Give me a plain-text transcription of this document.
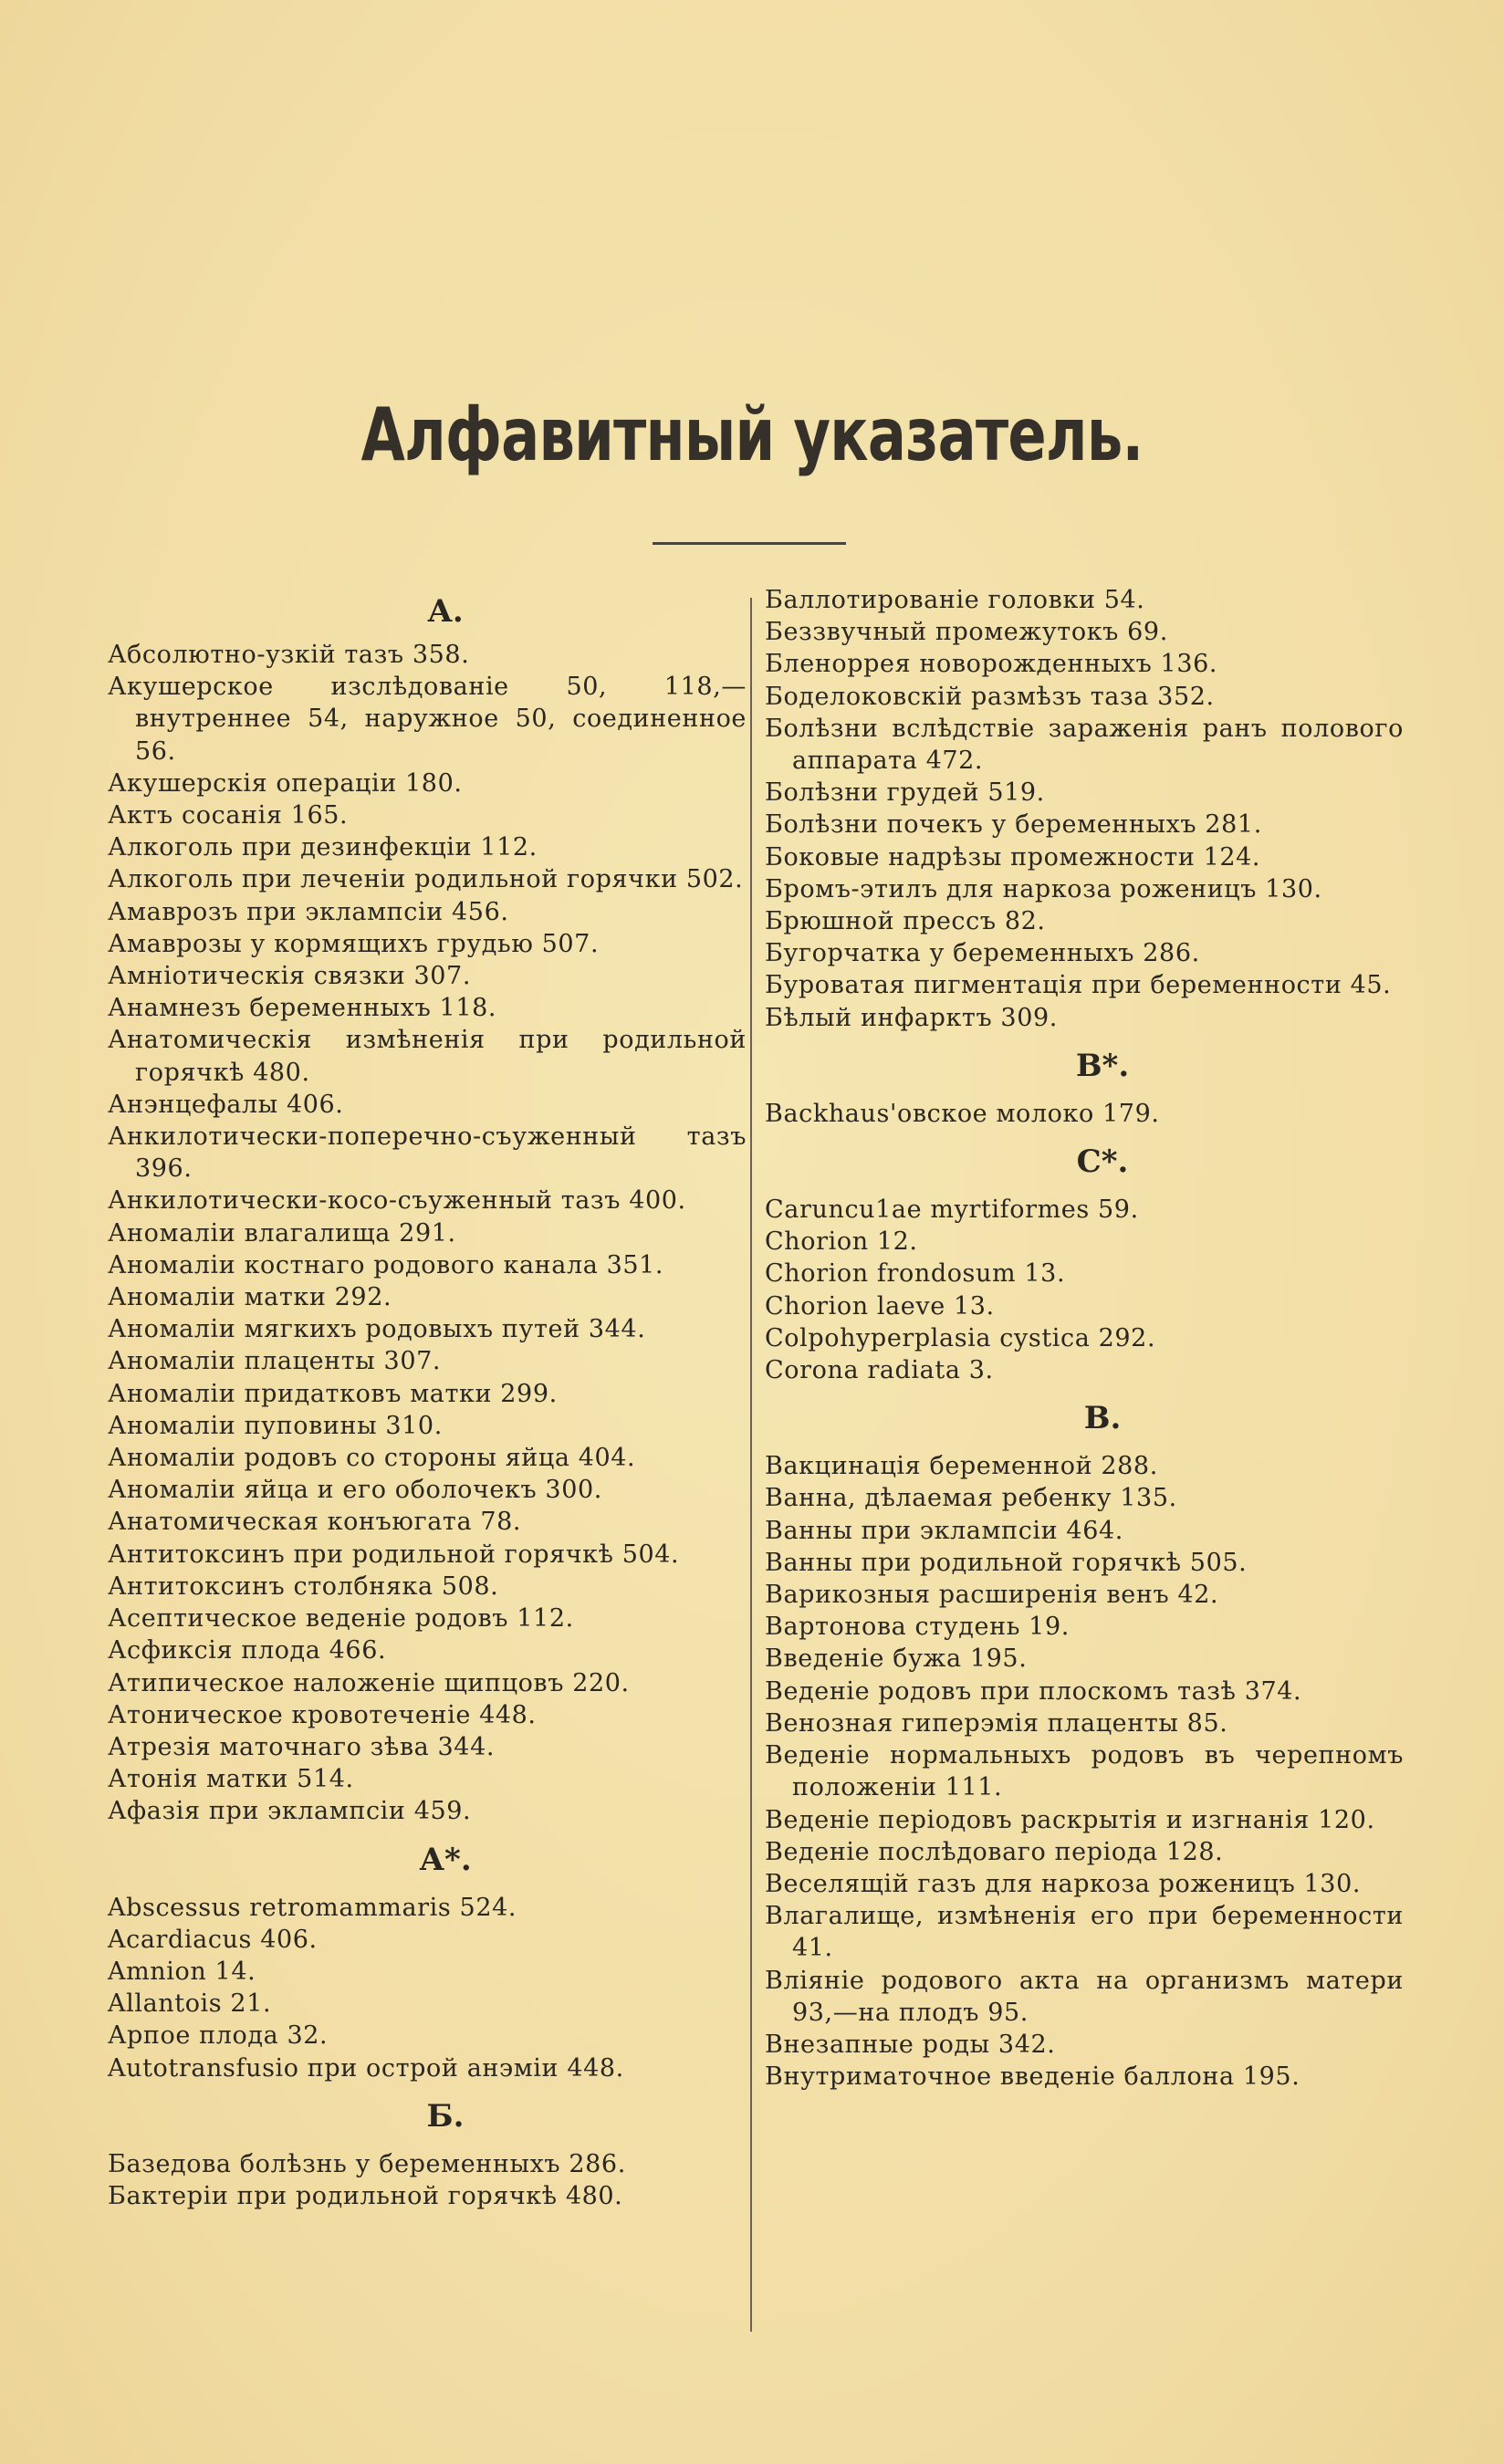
Алфавитный указатель.
А.
Абсолютно-узкій тазъ 358.
Акушерское изслѣдованіе 50, 118,—внутреннее 54, наружное 50, соединенное 56.
Акушерскія операціи 180.
Актъ сосанія 165.
Алкоголь при дезинфекціи 112.
Алкоголь при леченіи родильной горячки 502.
Амаврозъ при эклампсіи 456.
Амаврозы у кормящихъ грудью 507.
Амніотическія связки 307.
Анамнезъ беременныхъ 118.
Анатомическія измѣненія при родильной горячкѣ 480.
Анэнцефалы 406.
Анкилотически-поперечно-съуженный тазъ 396.
Анкилотически-косо-съуженный тазъ 400.
Аномаліи влагалища 291.
Аномаліи костнаго родового канала 351.
Аномаліи матки 292.
Аномаліи мягкихъ родовыхъ путей 344.
Аномаліи плаценты 307.
Аномаліи придатковъ матки 299.
Аномаліи пуповины 310.
Аномаліи родовъ со стороны яйца 404.
Аномаліи яйца и его оболочекъ 300.
Анатомическая конъюгата 78.
Антитоксинъ при родильной горячкѣ 504.
Антитоксинъ столбняка 508.
Асептическое веденіе родовъ 112.
Асфиксія плода 466.
Атипическое наложеніе щипцовъ 220.
Атоническое кровотеченіе 448.
Атрезія маточнаго зѣва 344.
Атонія матки 514.
Афазія при эклампсіи 459.
А*.
Abscessus retromammaris 524.
Acardiacus 406.
Amnion 14.
Allantois 21.
Арпое плода 32.
Autotransfusio при острой анэміи 448.
Б.
Базедова болѣзнь у беременныхъ 286.
Бактеріи при родильной горячкѣ 480.
Баллотированіе головки 54.
Беззвучный промежутокъ 69.
Бленоррея новорожденныхъ 136.
Боделоковскій размѣзъ таза 352.
Болѣзни вслѣдствіе зараженія ранъ полового аппарата 472.
Болѣзни грудей 519.
Болѣзни почекъ у беременныхъ 281.
Боковые надрѣзы промежности 124.
Бромъ-этилъ для наркоза роженицъ 130.
Брюшной прессъ 82.
Бугорчатка у беременныхъ 286.
Буроватая пигментація при беременности 45.
Бѣлый инфарктъ 309.
В*.
Backhaus'овское молоко 179.
С*.
Caruncu1ae myrtiformes 59.
Chorion 12.
Chorion frondosum 13.
Chorion laeve 13.
Colpohyperplasia cystica 292.
Corona radiata 3.
В.
Вакцинація беременной 288.
Ванна, дѣлаемая ребенку 135.
Ванны при эклампсіи 464.
Ванны при родильной горячкѣ 505.
Варикозныя расширенія венъ 42.
Вартонова студень 19.
Введеніе бужа 195.
Веденіе родовъ при плоскомъ тазѣ 374.
Венозная гиперэмія плаценты 85.
Веденіе нормальныхъ родовъ въ черепномъ положеніи 111.
Веденіе періодовъ раскрытія и изгнанія 120.
Веденіе послѣдоваго періода 128.
Веселящій газъ для наркоза роженицъ 130.
Влагалище, измѣненія его при беременности 41.
Вліяніе родового акта на организмъ матери 93,—на плодъ 95.
Внезапные роды 342.
Внутриматочное введеніе баллона 195.
